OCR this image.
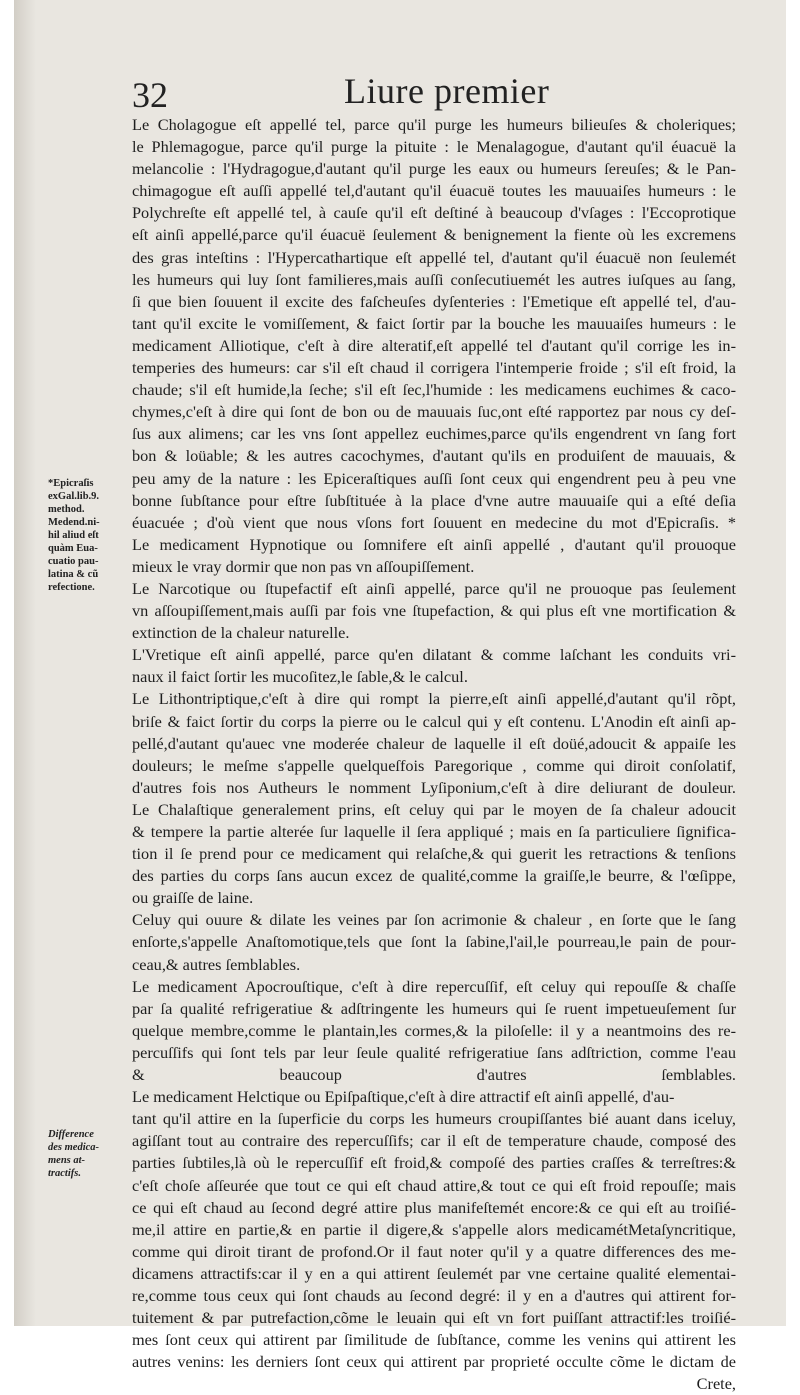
32	Liure premier
Le Cholagogue eſt appellé tel, parce qu'il purge les humeurs bilieuſes & choleriques;
le Phlemagogue, parce qu'il purge la pituite : le Menalagogue, d'autant qu'il éuacuë la
melancolie : l'Hydragogue,d'autant qu'il purge les eaux ou humeurs ſereuſes; & le Pan-
chimagogue eſt auſſi appellé tel,d'autant qu'il éuacuë toutes les mauuaiſes humeurs : le
Polychreſte eſt appellé tel, à cauſe qu'il eſt deſtiné à beaucoup d'vſages : l'Eccoprotique
eſt ainſi appellé,parce qu'il éuacuë ſeulement & benignement la fiente où les excremens
des gras inteſtins : l'Hypercathartique eſt appellé tel, d'autant qu'il éuacuë non ſeulemét
les humeurs qui luy ſont familieres,mais auſſi conſecutiuemét les autres iuſques au ſang,
ſi que bien ſouuent il excite des faſcheuſes dyſenteries : l'Emetique eſt appellé tel, d'au-
tant qu'il excite le vomiſſement, & faict ſortir par la bouche les mauuaiſes humeurs : le
medicament Alliotique, c'eſt à dire alteratif,eſt appellé tel d'autant qu'il corrige les in-
temperies des humeurs: car s'il eſt chaud il corrigera l'intemperie froide ; s'il eſt froid, la
chaude; s'il eſt humide,la ſeche; s'il eſt ſec,l'humide : les medicamens euchimes & caco-
chymes,c'eſt à dire qui ſont de bon ou de mauuais ſuc,ont eſté rapportez par nous cy deſ-
ſus aux alimens; car les vns ſont appellez euchimes,parce qu'ils engendrent vn ſang fort
bon & loüable; & les autres cacochymes, d'autant qu'ils en produiſent de mauuais, &
peu amy de la nature : les Epiceraſtiques auſſi ſont ceux qui engendrent peu à peu vne
bonne ſubſtance pour eſtre ſubſtituée à la place d'vne autre mauuaiſe qui a eſté deſia
éuacuée ; d'où vient que nous vſons fort ſouuent en medecine du mot d'Epicraſis. *
Le medicament Hypnotique ou ſomnifere eſt ainſi appellé , d'autant qu'il prouoque
mieux le vray dormir que non pas vn aſſoupiſſement.
Le Narcotique ou ſtupefactif eſt ainſi appellé, parce qu'il ne prouoque pas ſeulement
vn aſſoupiſſement,mais auſſi par fois vne ſtupefaction, & qui plus eſt vne mortification &
extinction de la chaleur naturelle.
L'Vretique eſt ainſi appellé, parce qu'en dilatant & comme laſchant les conduits vri-
naux il faict ſortir les mucoſitez,le ſable,& le calcul.
Le Lithontriptique,c'eſt à dire qui rompt la pierre,eſt ainſi appellé,d'autant qu'il rõpt,
briſe & faict ſortir du corps la pierre ou le calcul qui y eſt contenu. L'Anodin eſt ainſi ap-
pellé,d'autant qu'auec vne moderée chaleur de laquelle il eſt doüé,adoucit & appaiſe les
douleurs; le meſme s'appelle quelqueſfois Paregorique , comme qui diroit conſolatif,
d'autres fois nos Autheurs le nomment Lyſiponium,c'eſt à dire deliurant de douleur.
Le Chalaſtique generalement prins, eſt celuy qui par le moyen de ſa chaleur adoucit
& tempere la partie alterée ſur laquelle il ſera appliqué ; mais en ſa particuliere ſignifica-
tion il ſe prend pour ce medicament qui relaſche,& qui guerit les retractions & tenſions
des parties du corps ſans aucun excez de qualité,comme la graiſſe,le beurre, & l'œſippe,
ou graiſſe de laine.
Celuy qui ouure & dilate les veines par ſon acrimonie & chaleur , en ſorte que le ſang
enſorte,s'appelle Anaſtomotique,tels que ſont la ſabine,l'ail,le pourreau,le pain de pour-
ceau,& autres ſemblables.
Le medicament Apocrouſtique, c'eſt à dire repercuſſif, eſt celuy qui repouſſe & chaſſe
par ſa qualité refrigeratiue & adſtringente les humeurs qui ſe ruent impetueuſement ſur
quelque membre,comme le plantain,les cormes,& la piloſelle: il y a neantmoins des re-
percuſſifs qui ſont tels par leur ſeule qualité refrigeratiue ſans adſtriction, comme l'eau
& beaucoup d'autres ſemblables.
Le medicament Helctique ou Epiſpaſtique,c'eſt à dire attractif eſt ainſi appellé, d'au-
tant qu'il attire en la ſuperficie du corps les humeurs croupiſſantes bié auant dans iceluy,
agiſſant tout au contraire des repercuſſifs; car il eſt de temperature chaude, composé des
parties ſubtiles,là où le repercuſſif eſt froid,& compoſé des parties craſſes & terreſtres:&
c'eſt choſe aſſeurée que tout ce qui eſt chaud attire,& tout ce qui eſt froid repouſſe; mais
ce qui eſt chaud au ſecond degré attire plus manifeſtemét encore:& ce qui eſt au troiſié-
me,il attire en partie,& en partie il digere,& s'appelle alors medicamétMetaſyncritique,
comme qui diroit tirant de profond.Or il faut noter qu'il y a quatre differences des me-
dicamens attractifs:car il y en a qui attirent ſeulemét par vne certaine qualité elementai-
re,comme tous ceux qui ſont chauds au ſecond degré: il y en a d'autres qui attirent for-
tuitement & par putrefaction,cõme le leuain qui eſt vn fort puiſſant attractif:les troiſié-
mes ſont ceux qui attirent par ſimilitude de ſubſtance, comme les venins qui attirent les
autres venins: les derniers ſont ceux qui attirent par proprieté occulte cõme le dictam de
Crete,
*Epicraſis
exGal.lib.9.
method.
Medend.ni-
hil aliud eſt
quàm Eua-
cuatio pau-
latina & cũ
refectione.
Difference
des medica-
mens at-
tractifs.
